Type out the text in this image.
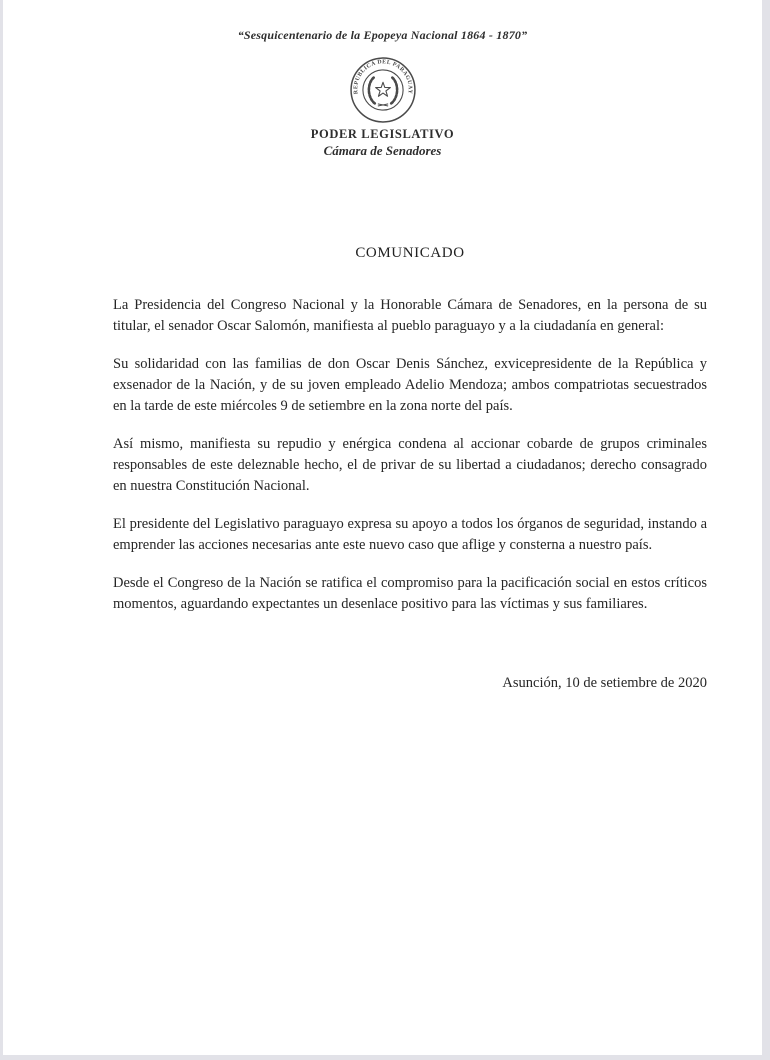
“Sesquicentenario de la Epopeya Nacional 1864 - 1870”
REPUBLICA DEL PARAGUAY
PODER LEGISLATIVO
Cámara de Senadores
COMUNICADO

La Presidencia del Congreso Nacional y la Honorable Cámara de Senadores, en la persona de su titular, el senador Oscar Salomón, manifiesta al pueblo paraguayo y a la ciudadanía en general:

Su solidaridad con las familias de don Oscar Denis Sánchez, exvicepresidente de la República y exsenador de la Nación, y de su joven empleado Adelio Mendoza; ambos compatriotas secuestrados en la tarde de este miércoles 9 de setiembre en la zona norte del país.

Así mismo, manifiesta su repudio y enérgica condena al accionar cobarde de grupos criminales responsables de este deleznable hecho, el de privar de su libertad a ciudadanos; derecho consagrado en nuestra Constitución Nacional.

El presidente del Legislativo paraguayo expresa su apoyo a todos los órganos de seguridad, instando a emprender las acciones necesarias ante este nuevo caso que aflige y consterna a nuestro país.

Desde el Congreso de la Nación se ratifica el compromiso para la pacificación social en estos críticos momentos, aguardando expectantes un desenlace positivo para las víctimas y sus familiares.

Asunción, 10 de setiembre de 2020
